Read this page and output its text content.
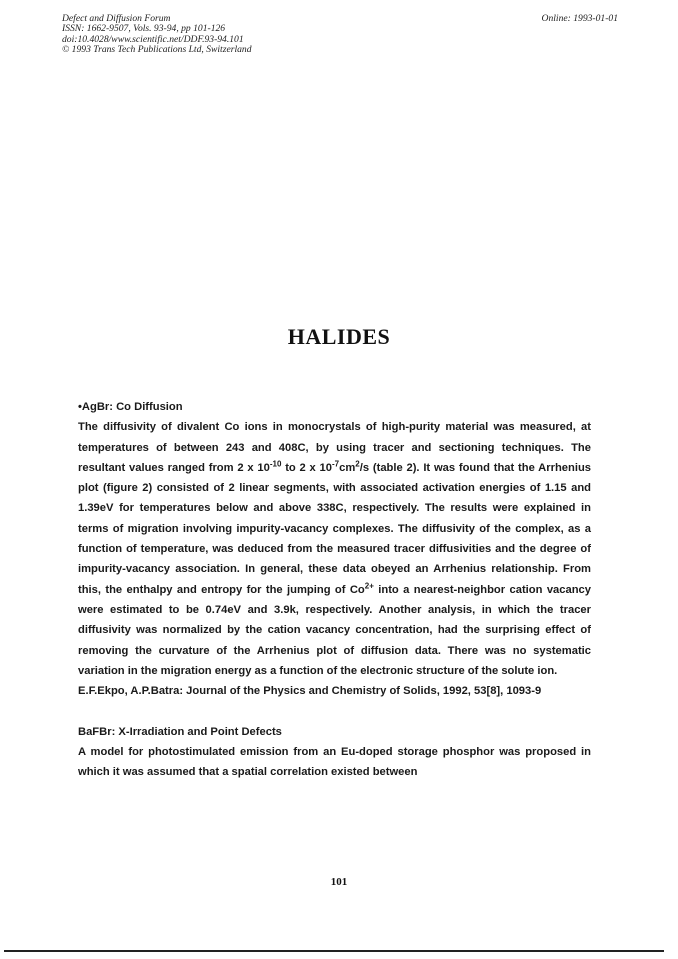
Defect and Diffusion Forum
ISSN: 1662-9507, Vols. 93-94, pp 101-126
doi:10.4028/www.scientific.net/DDF.93-94.101
© 1993 Trans Tech Publications Ltd, Switzerland
Online: 1993-01-01
HALIDES

•AgBr: Co Diffusion

The diffusivity of divalent Co ions in monocrystals of high-purity material was measured, at temperatures of between 243 and 408C, by using tracer and sectioning techniques. The resultant values ranged from 2 x $10^{-10}$ to 2 x $10^{-7}cm^2/s$ (table 2). It was found that the Arrhenius plot (figure 2) consisted of 2 linear segments, with associated activation energies of 1.15 and 1.39eV for temperatures below and above 338C, respectively. The results were explained in terms of migration involving impurity-vacancy complexes. The diffusivity of the complex, as a function of temperature, was deduced from the measured tracer diffusivities and the degree of impurity-vacancy association. In general, these data obeyed an Arrhenius relationship. From this, the enthalpy and entropy for the jumping of $Co^{2+}$ into a nearest-neighbor cation vacancy were estimated to be 0.74eV and 3.9k, respectively. Another analysis, in which the tracer diffusivity was normalized by the cation vacancy concentration, had the surprising effect of removing the curvature of the Arrhenius plot of diffusion data. There was no systematic variation in the migration energy as a function of the electronic structure of the solute ion.

E.F.Ekpo, A.P.Batra: Journal of the Physics and Chemistry of Solids, 1992, 53[8], 1093-9

BaFBr: X-Irradiation and Point Defects

A model for photostimulated emission from an Eu-doped storage phosphor was proposed in which it was assumed that a spatial correlation existed between

101
